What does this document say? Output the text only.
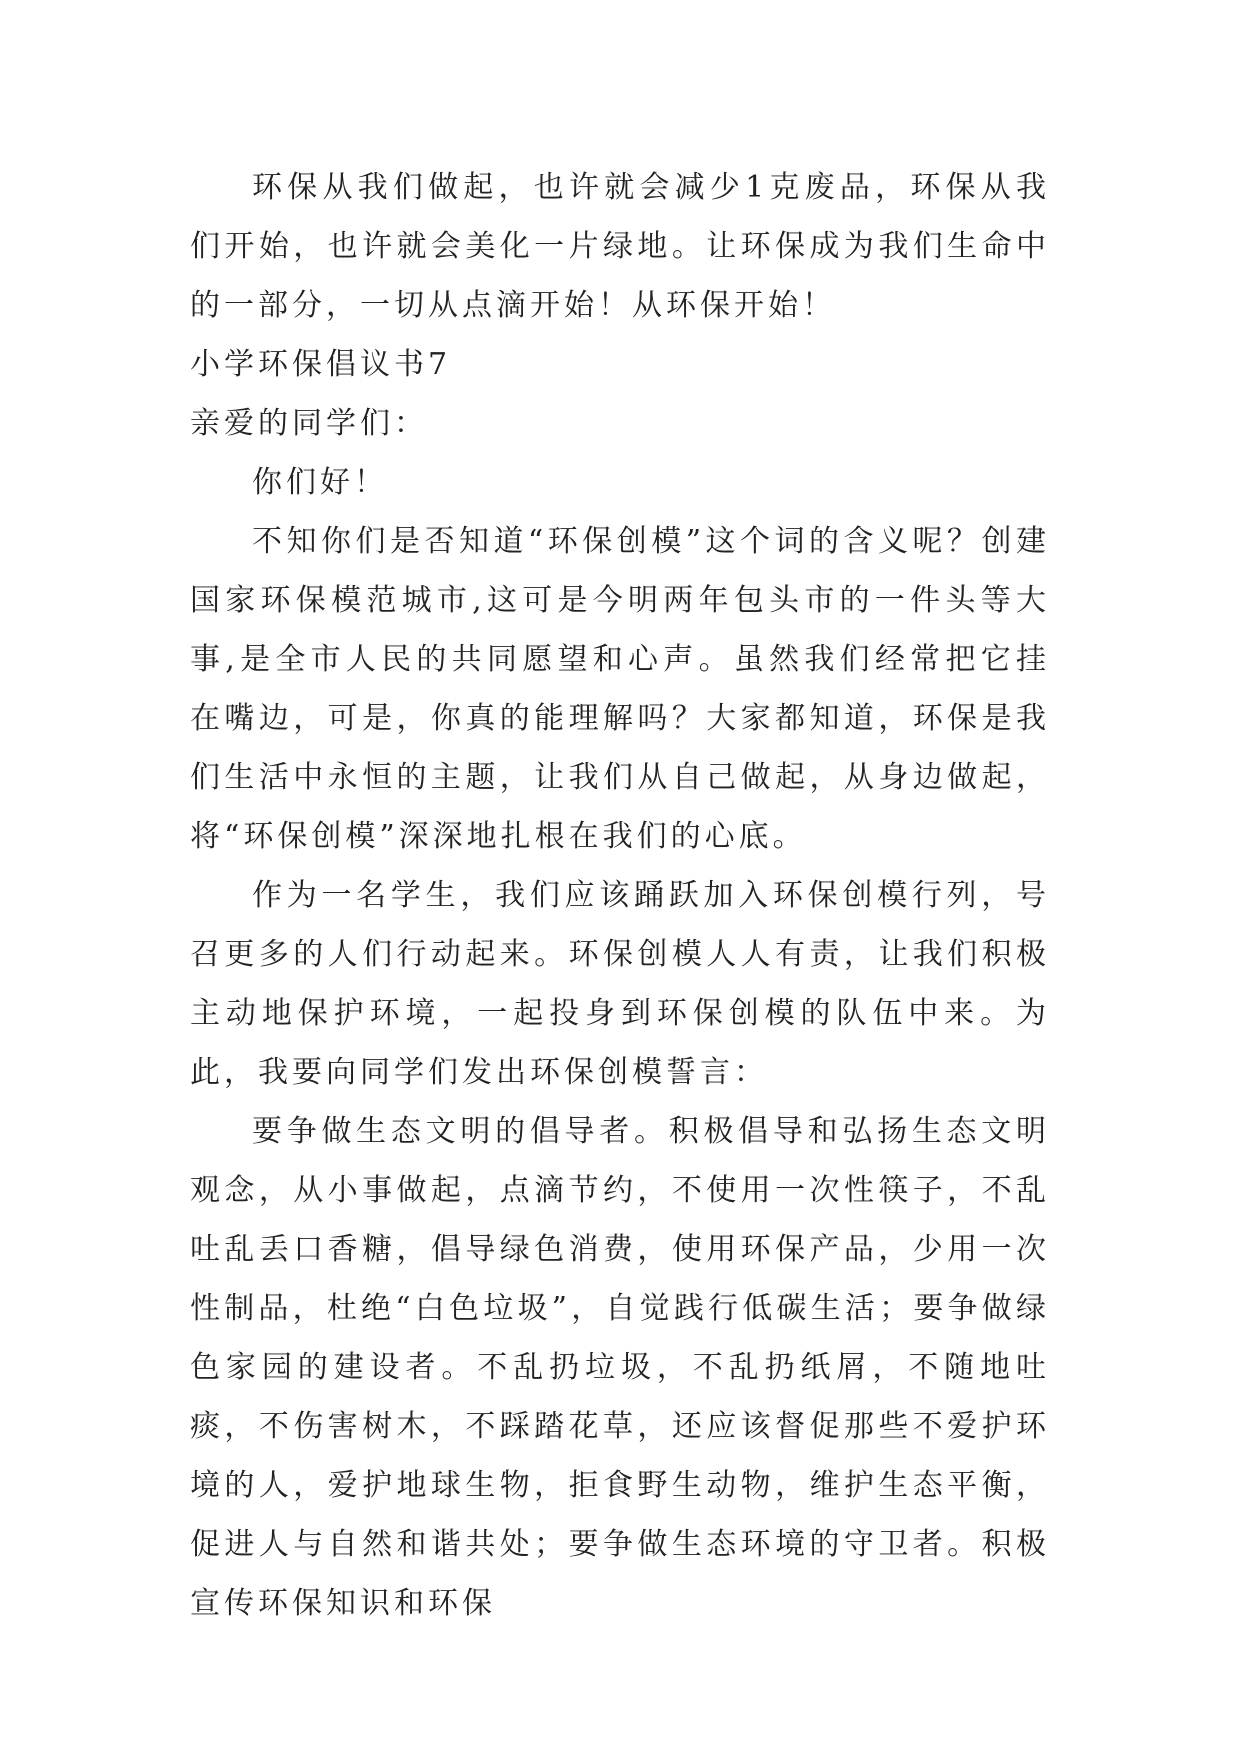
环保从我们做起，也许就会减少1克废品，环保从我们开始，也许就会美化一片绿地。让环保成为我们生命中的一部分，一切从点滴开始！从环保开始！

小学环保倡议书7

亲爱的同学们：

你们好！

不知你们是否知道“环保创模”这个词的含义呢？创建国家环保模范城市,这可是今明两年包头市的一件头等大事,是全市人民的共同愿望和心声。虽然我们经常把它挂在嘴边，可是，你真的能理解吗？大家都知道，环保是我们生活中永恒的主题，让我们从自己做起，从身边做起，将“环保创模”深深地扎根在我们的心底。

作为一名学生，我们应该踊跃加入环保创模行列，号召更多的人们行动起来。环保创模人人有责，让我们积极主动地保护环境，一起投身到环保创模的队伍中来。为此，我要向同学们发出环保创模誓言：

要争做生态文明的倡导者。积极倡导和弘扬生态文明观念，从小事做起，点滴节约，不使用一次性筷子，不乱吐乱丢口香糖，倡导绿色消费，使用环保产品，少用一次性制品，杜绝“白色垃圾”，自觉践行低碳生活；要争做绿色家园的建设者。不乱扔垃圾，不乱扔纸屑，不随地吐痰，不伤害树木，不踩踏花草，还应该督促那些不爱护环境的人，爱护地球生物，拒食野生动物，维护生态平衡，促进人与自然和谐共处；要争做生态环境的守卫者。积极宣传环保知识和环保
